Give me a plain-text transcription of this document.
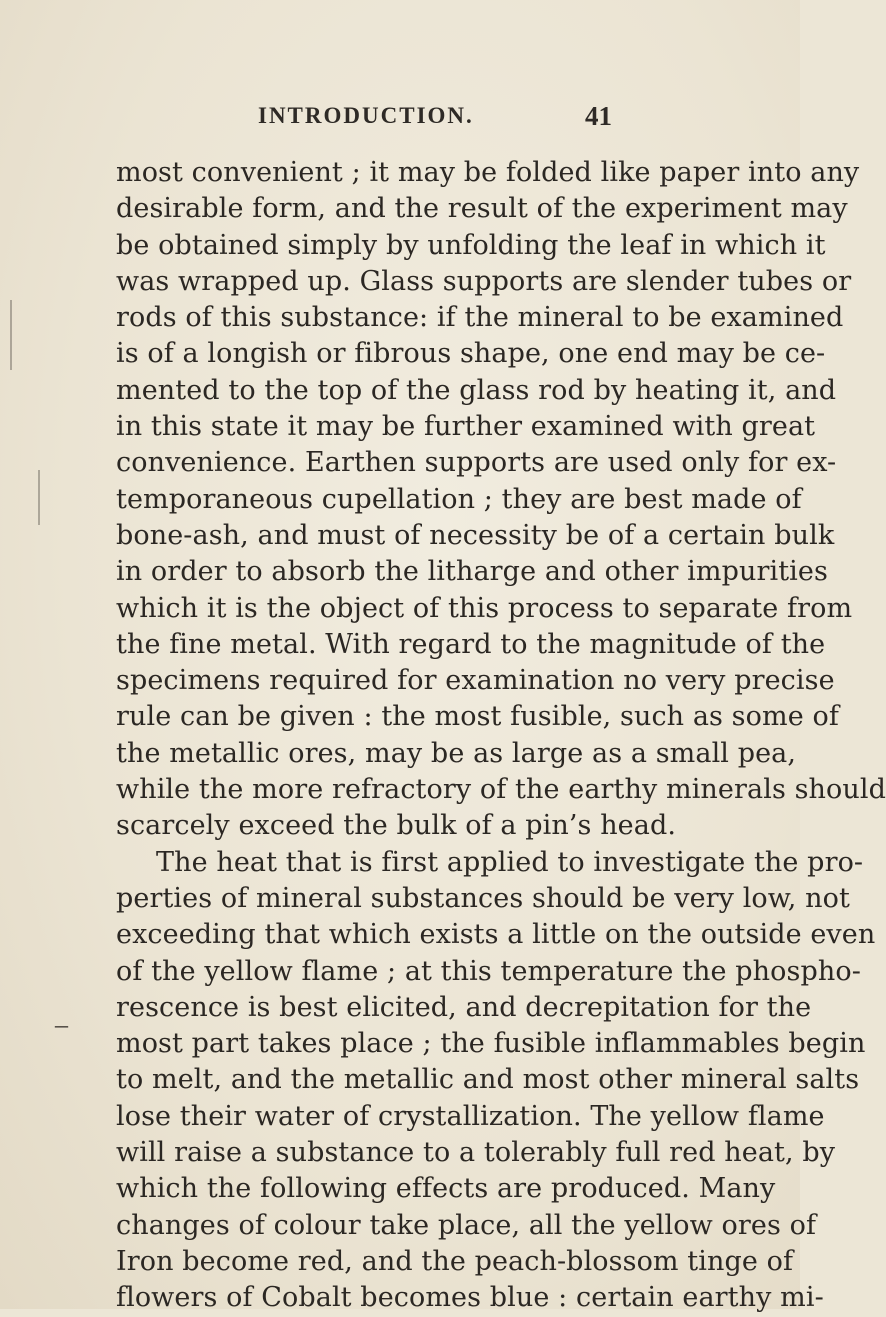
INTRODUCTION.	41
–
most convenient ; it may be folded like paper into any
desirable form, and the result of the experiment may
be obtained simply by unfolding the leaf in which it
was wrapped up. Glass supports are slender tubes or
rods of this substance: if the mineral to be examined
is of a longish or fibrous shape, one end may be ce-
mented to the top of the glass rod by heating it, and
in this state it may be further examined with great
convenience. Earthen supports are used only for ex-
temporaneous cupellation ; they are best made of
bone-ash, and must of necessity be of a certain bulk
in order to absorb the litharge and other impurities
which it is the object of this process to separate from
the fine metal. With regard to the magnitude of the
specimens required for examination no very precise
rule can be given : the most fusible, such as some of
the metallic ores, may be as large as a small pea,
while the more refractory of the earthy minerals should
scarcely exceed the bulk of a pin’s head.
The heat that is first applied to investigate the pro-
perties of mineral substances should be very low, not
exceeding that which exists a little on the outside even
of the yellow flame ; at this temperature the phospho-
rescence is best elicited, and decrepitation for the
most part takes place ; the fusible inflammables begin
to melt, and the metallic and most other mineral salts
lose their water of crystallization. The yellow flame
will raise a substance to a tolerably full red heat, by
which the following effects are produced. Many
changes of colour take place, all the yellow ores of
Iron become red, and the peach-blossom tinge of
flowers of Cobalt becomes blue : certain earthy mi-
